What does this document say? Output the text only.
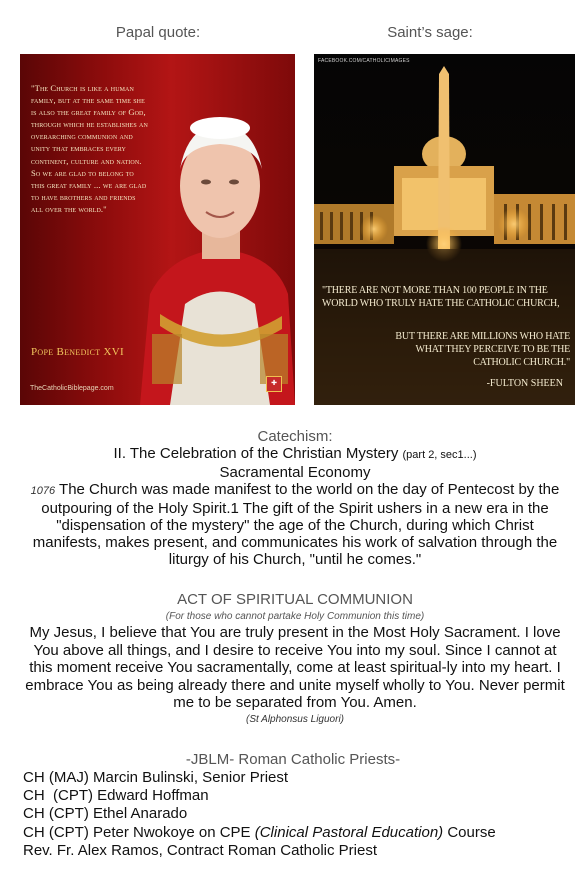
Papal quote:	Saint’s sage:
"The Church is like a human family, but at the same time she is also the great family of God, through which he establishes an overarching communion and unity that embraces every continent, culture and nation. So we are glad to belong to this great family ... we are glad to have brothers and friends all over the world."
Pope Benedict XVI
TheCatholicBiblepage.com
✚
FACEBOOK.COM/CATHOLICIMAGES
"THERE ARE NOT MORE THAN 100 PEOPLE IN THE WORLD WHO TRULY HATE THE CATHOLIC CHURCH,
BUT THERE ARE MILLIONS WHO HATE WHAT THEY PERCEIVE TO BE THE CATHOLIC CHURCH."
-FULTON SHEEN
Catechism:
II. The Celebration of the Christian Mystery (part 2, sec1...)
Sacramental Economy
1076 The Church was made manifest to the world on the day of Pentecost by the outpouring of the Holy Spirit.1 The gift of the Spirit ushers in a new era in the "dispensation of the mystery" the age of the Church, during which Christ manifests, makes present, and communicates his work of salvation through the liturgy of his Church, "until he comes."
ACT OF SPIRITUAL COMMUNION
(For those who cannot partake Holy Communion this time)
My Jesus, I believe that You are truly present in the Most Holy Sacrament. I love You above all things, and I desire to receive You into my soul. Since I cannot at this moment receive You sacramentally, come at least spiritual-ly into my heart. I embrace You as being already there and unite myself wholly to You. Never permit me to be separated from You. Amen.
(St Alphonsus Liguori)
-JBLM- Roman Catholic Priests-
CH (MAJ) Marcin Bulinski, Senior Priest
CH  (CPT) Edward Hoffman
CH (CPT) Ethel Anarado
CH (CPT) Peter Nwokoye on CPE (Clinical Pastoral Education) Course
Rev. Fr. Alex Ramos, Contract Roman Catholic Priest
